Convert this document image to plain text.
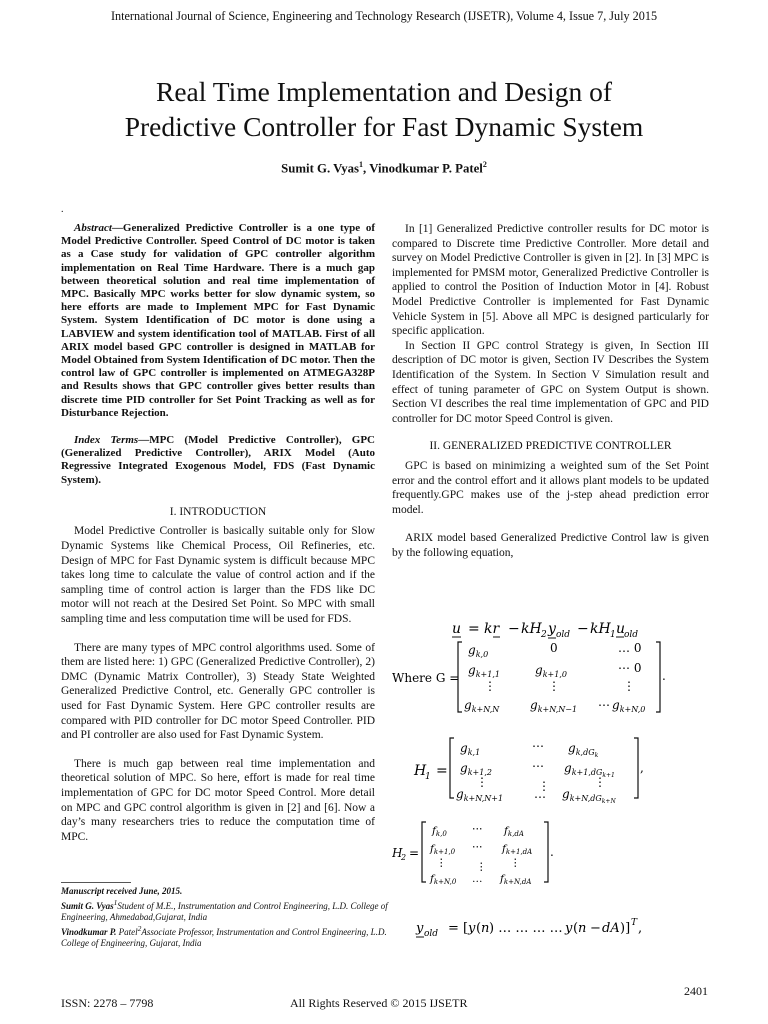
International Journal of Science, Engineering and Technology Research (IJSETR), Volume 4, Issue 7, July 2015
Real Time Implementation and Design of
Predictive Controller for Fast Dynamic System
Sumit G. Vyas$^1$, Vinodkumar P. Patel$^2$
.

Abstract—Generalized Predictive Controller is a one type of Model Predictive Controller. Speed Control of DC motor is taken as a Case study for validation of GPC controller algorithm implementation on Real Time Hardware. There is a much gap between theoretical solution and real time implementation of MPC. Basically MPC works better for slow dynamic system, so here efforts are made to Implement MPC for Fast Dynamic System. System Identification of DC motor is done using a LABVIEW and system identification tool of MATLAB. First of all ARIX model based GPC controller is designed in MATLAB for Model Obtained from System Identification of DC motor. Then the control law of GPC controller is implemented on ATMEGA328P and Results shows that GPC controller gives better results than discrete time PID controller for Set Point Tracking as well as for Disturbance Rejection.

Index Terms—MPC (Model Predictive Controller), GPC (Generalized Predictive Controller), ARIX Model (Auto Regressive Integrated Exogenous Model, FDS (Fast Dynamic System).

I. INTRODUCTION

Model Predictive Controller is basically suitable only for Slow Dynamic Systems like Chemical Process, Oil Refineries, etc. Design of MPC for Fast Dynamic system is difficult because MPC takes long time to calculate the value of control action and if the sampling time of control action is larger than the FDS like DC motor will not reach at the Desired Set Point. So MPC with small sampling time and less computation time will be used for FDS.

There are many types of MPC control algorithms used. Some of them are listed here: 1) GPC (Generalized Predictive Controller), 2) DMC (Dynamic Matrix Controller), 3) Steady State Weighted Generalized Predictive Control, etc. Generally GPC controller is used for Fast Dynamic System. Here GPC controller results are compared with PID controller for DC motor Speed Controller. PID and PI controller are also used for Fast Dynamic System.

There is much gap between real time implementation and theoretical solution of MPC. So here, effort is made for real time implementation of GPC for DC motor Speed Control. More detail on MPC and GPC control algorithm is given in [2] and [6]. Now a day’s many researchers tries to reduce the computation time of MPC.

Manuscript received June, 2015.
Sumit G. Vyas$^1$Student of M.E., Instrumentation and Control Engineering, L.D. College of Engineering, Ahmedabad,Gujarat, India
Vinodkumar P. Patel$^2$Associate Professor, Instrumentation and Control Engineering, L.D. College of Engineering, Gujarat, India

In [1] Generalized Predictive controller results for DC motor is compared to Discrete time Predictive Controller. More detail and survey on Model Predictive Controller is given in [2]. In [3] MPC is implemented for PMSM motor, Generalized Predictive Controller is applied to control the Position of Induction Motor in [4]. Robust Model Predictive Controller is implemented for Fast Dynamic Vehicle System in [5]. Above all MPC is designed particularly for specific application.

In Section II GPC control Strategy is given, In Section III description of DC motor is given, Section IV Describes the System Identification of the System. In Section V Simulation result and effect of tuning parameter of GPC on System Output is shown. Section VI describes the real time implementation of GPC and PID controller for DC motor Speed Control is given.

II. GENERALIZED PREDICTIVE CONTROLLER

GPC is based on minimizing a weighted sum of the Set Point error and the control effort and it allows plant models to be updated frequently.GPC makes use of the j-step ahead prediction error model.

ARIX model based Generalized Predictive Control law is given by the following equation,

u = kr − kH 2 y old − kH 1 u
old
Where G =
$g_{k,0}$	0	… 0
$g_{k+1,1}$	$g_{k+1,0}$	⋯ 0
⋮	⋮	⋮
$g_{k+N,N}$	$g_{k+N,N-1}$ ⋯ $g_{k+N,0}$
.
H
1 =
$g_{k,1}$	⋯ $g_{k,dG}k$
$g_{k+1,2}$	⋯ $g_{k+1,dG}k+1$
⋮	⋮	⋮
$g_{k+N,N+1}$	… $g_{k+N,dG}k+N$
,
H
2 =
fk,0 ⋯ fk,dA
fk+1,0 ⋯ fk+1,dA
⋮	⋮ ⋮
fk+N,0 … fk+N,dA
.
y old = [ y ( n ) … … … … y ( n − dA )] T ,
2401
ISSN: 2278 – 7798	All Rights Reserved © 2015 IJSETR
